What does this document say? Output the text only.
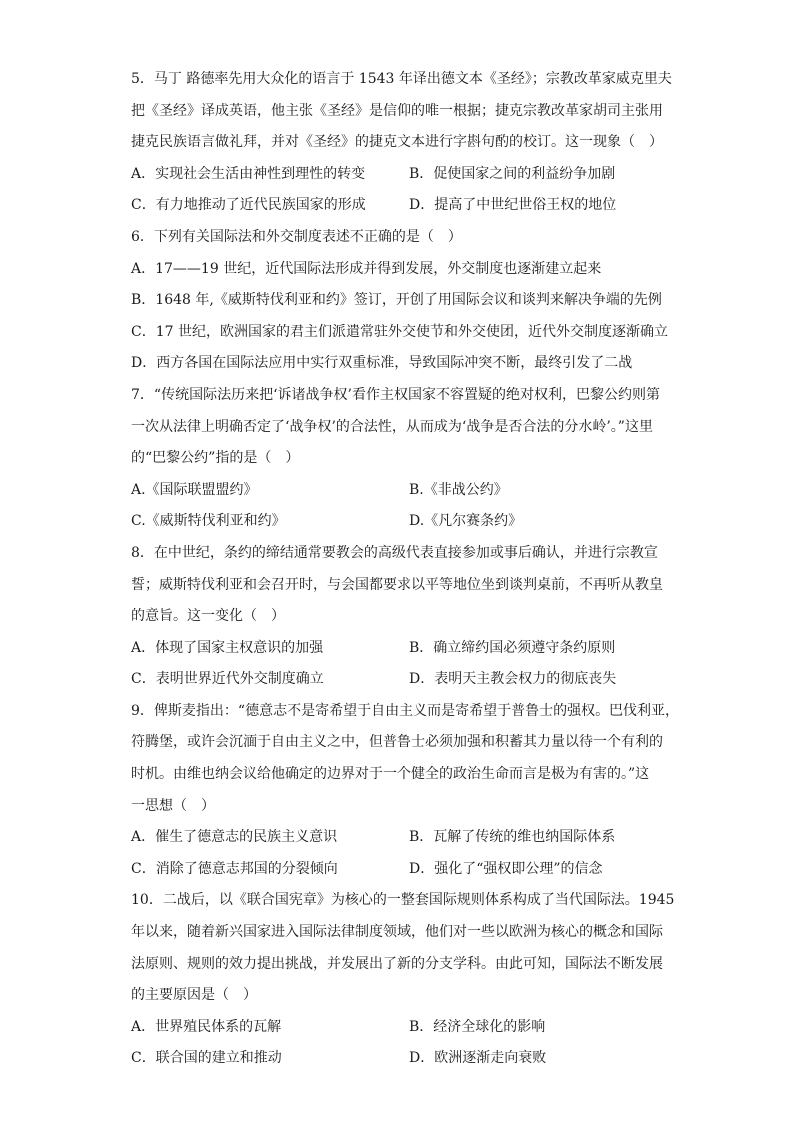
5．马丁 路德率先用大众化的语言于 1543 年译出德文本《圣经》；宗教改革家威克里夫
把《圣经》译成英语，他主张《圣经》是信仰的唯一根据；捷克宗教改革家胡司主张用
捷克民族语言做礼拜，并对《圣经》的捷克文本进行字斟句酌的校订。这一现象（　）
A．实现社会生活由神性到理性的转变	B．促使国家之间的利益纷争加剧
C．有力地推动了近代民族国家的形成	D．提高了中世纪世俗王权的地位
6．下列有关国际法和外交制度表述不正确的是（　）
A．17——19 世纪，近代国际法形成并得到发展，外交制度也逐渐建立起来
B．1648 年,《威斯特伐利亚和约》签订，开创了用国际会议和谈判来解决争端的先例
C．17 世纪，欧洲国家的君主们派遣常驻外交使节和外交使团，近代外交制度逐渐确立
D．西方各国在国际法应用中实行双重标准，导致国际冲突不断，最终引发了二战
7．“传统国际法历来把‘诉诸战争权’看作主权国家不容置疑的绝对权利，巴黎公约则第
一次从法律上明确否定了‘战争权’的合法性，从而成为‘战争是否合法的分水岭’。”这里
的“巴黎公约”指的是（　）
A.《国际联盟盟约》	B.《非战公约》
C.《威斯特伐利亚和约》	D.《凡尔赛条约》
8．在中世纪，条约的缔结通常要教会的高级代表直接参加或事后确认，并进行宗教宣
誓；威斯特伐利亚和会召开时，与会国都要求以平等地位坐到谈判桌前，不再听从教皇
的意旨。这一变化（　）
A．体现了国家主权意识的加强	B．确立缔约国必须遵守条约原则
C．表明世界近代外交制度确立	D．表明天主教会权力的彻底丧失
9．俾斯麦指出：“德意志不是寄希望于自由主义而是寄希望于普鲁士的强权。巴伐利亚，
符腾堡，或许会沉湎于自由主义之中，但普鲁士必须加强和积蓄其力量以待一个有利的
时机。由维也纳会议给他确定的边界对于一个健全的政治生命而言是极为有害的。”这
一思想（　）
A．催生了德意志的民族主义意识	B．瓦解了传统的维也纳国际体系
C．消除了德意志邦国的分裂倾向	D．强化了“强权即公理”的信念
10．二战后，以《联合国宪章》为核心的一整套国际规则体系构成了当代国际法。1945
年以来，随着新兴国家进入国际法律制度领域，他们对一些以欧洲为核心的概念和国际
法原则、规则的效力提出挑战，并发展出了新的分支学科。由此可知，国际法不断发展
的主要原因是（　）
A．世界殖民体系的瓦解	B．经济全球化的影响
C．联合国的建立和推动	D．欧洲逐渐走向衰败
